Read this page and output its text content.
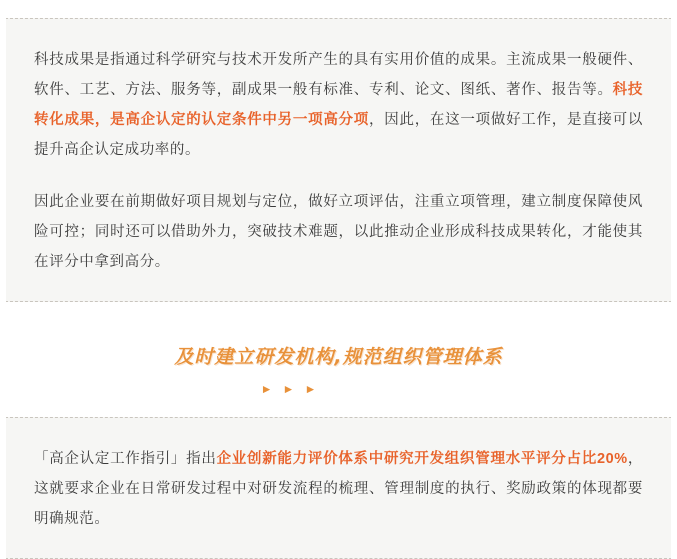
科技成果是指通过科学研究与技术开发所产生的具有实用价值的成果。主流成果一般硬件、软件、工艺、方法、服务等，副成果一般有标准、专利、论文、图纸、著作、报告等。科技转化成果，是高企认定的认定条件中另一项高分项，因此，在这一项做好工作，是直接可以提升高企认定成功率的。

因此企业要在前期做好项目规划与定位，做好立项评估，注重立项管理，建立制度保障使风险可控；同时还可以借助外力，突破技术难题，以此推动企业形成科技成果转化，才能使其在评分中拿到高分。

及时建立研发机构,规范组织管理体系
►►►

「高企认定工作指引」指出企业创新能力评价体系中研究开发组织管理水平评分占比20%，这就要求企业在日常研发过程中对研发流程的梳理、管理制度的执行、奖励政策的体现都要明确规范。
